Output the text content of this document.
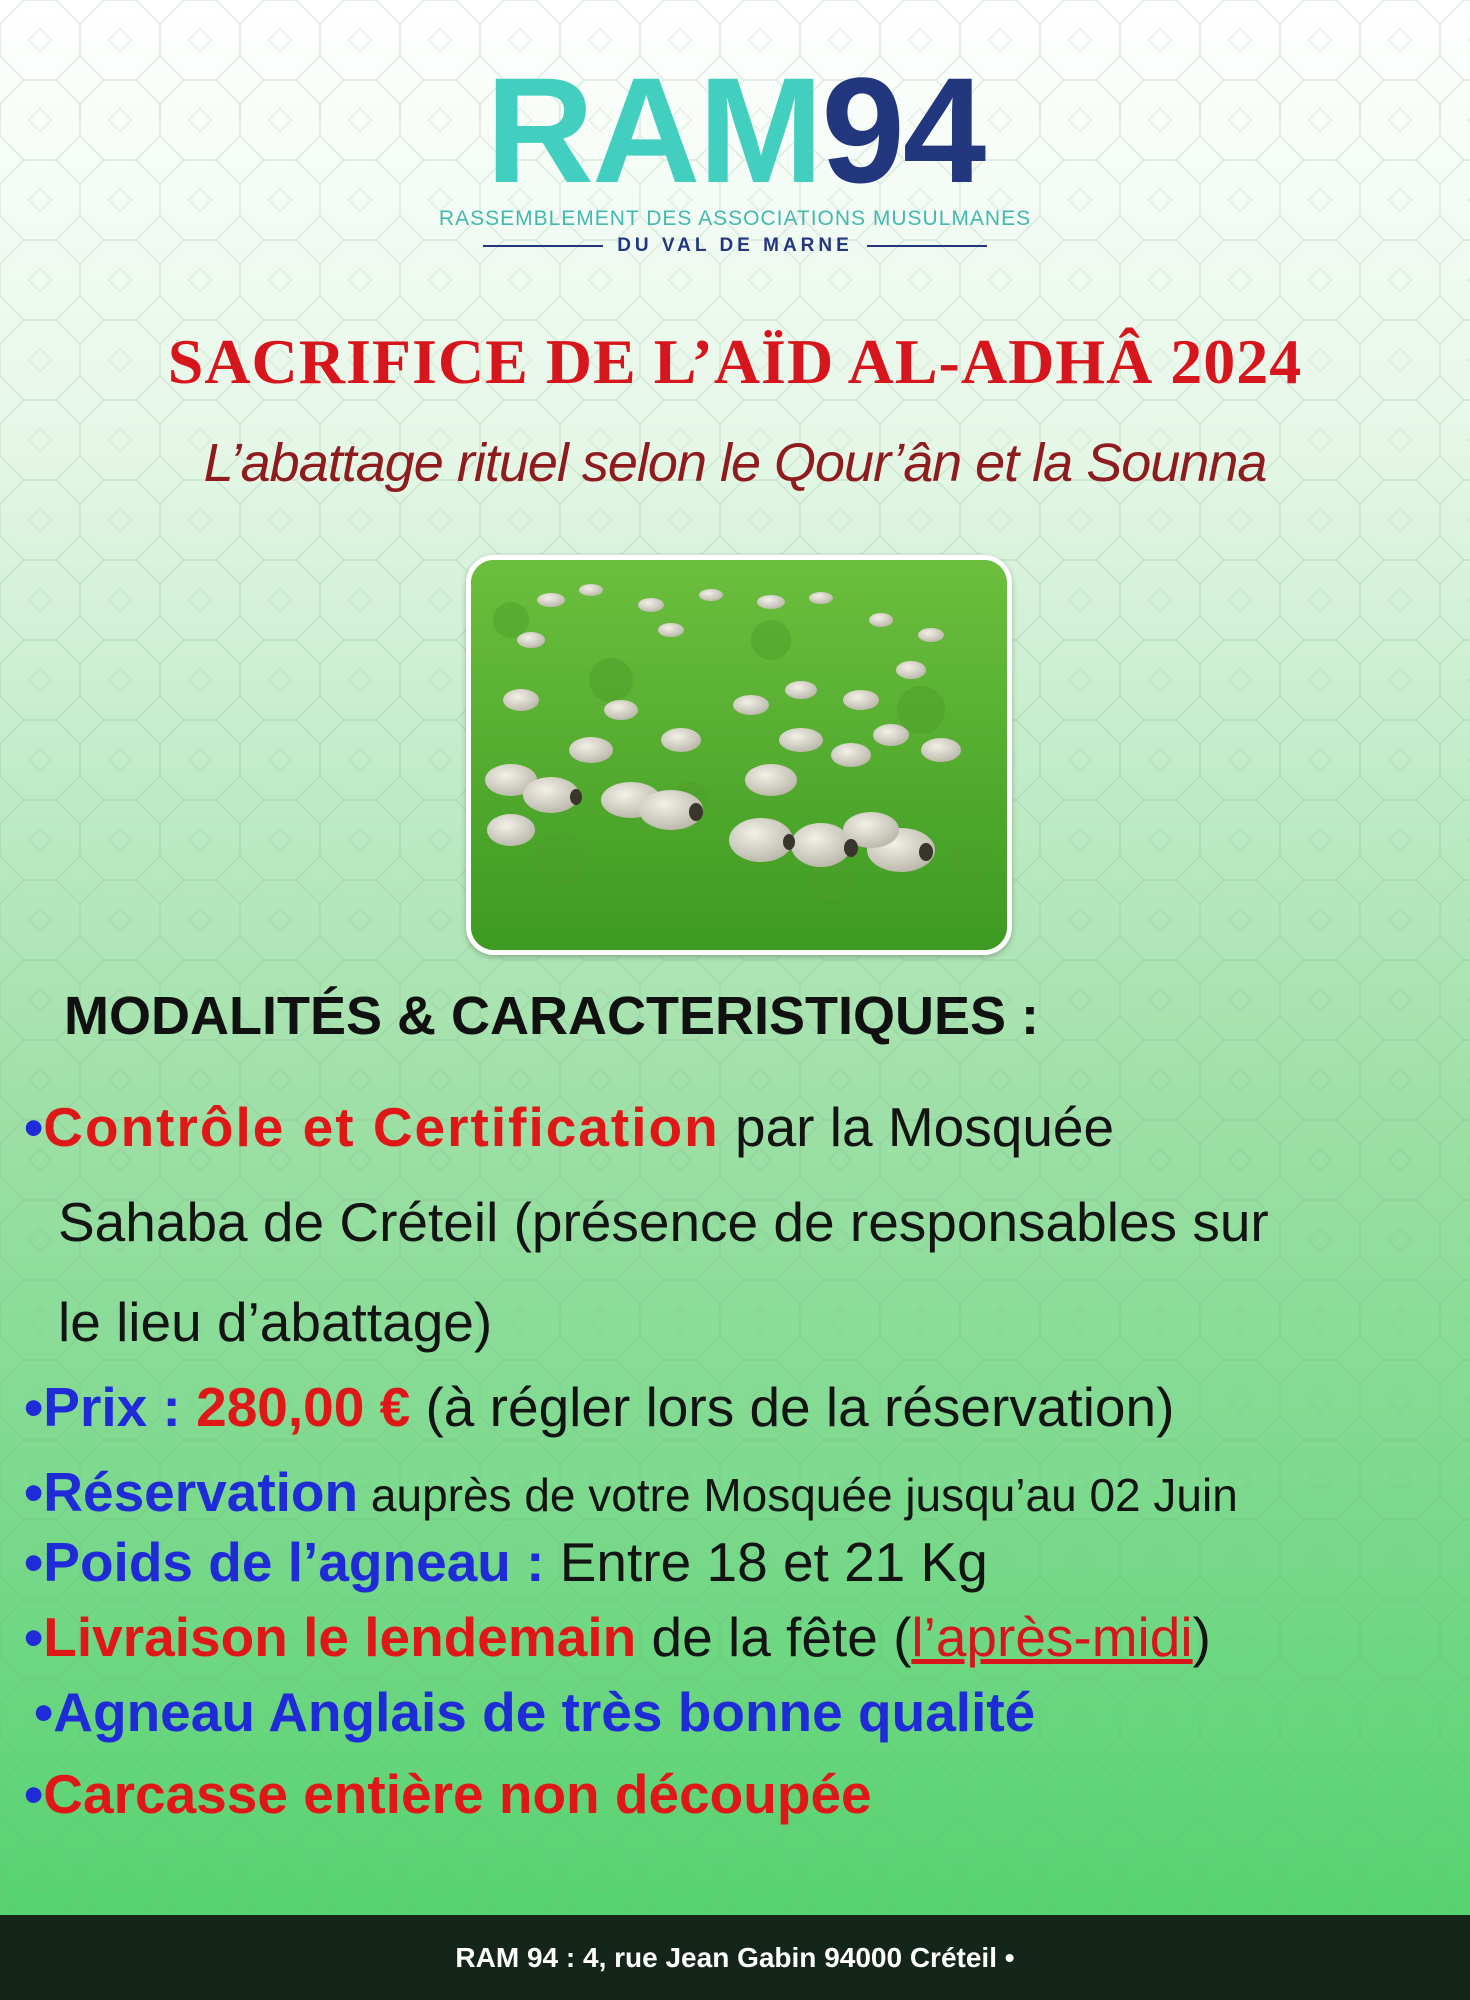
RAM94
RASSEMBLEMENT DES ASSOCIATIONS MUSULMANES
DU VAL DE MARNE
SACRIFICE DE L’AÏD AL-ADHÂ 2024
L’abattage rituel selon le Qour’ân et la Sounna
MODALITÉS & CARACTERISTIQUES :
•Contrôle et Certification par la Mosquée
Sahaba de Créteil (présence de responsables sur
le lieu d’abattage)
•Prix : 280,00 € (à régler lors de la réservation)
•Réservation auprès de votre Mosquée jusqu’au 02 Juin
•Poids de l’agneau : Entre 18 et 21 Kg
•Livraison le lendemain de la fête (l’après-midi)
•Agneau Anglais de très bonne qualité
•Carcasse entière non découpée
RAM 94 : 4, rue Jean Gabin 94000 Créteil •
